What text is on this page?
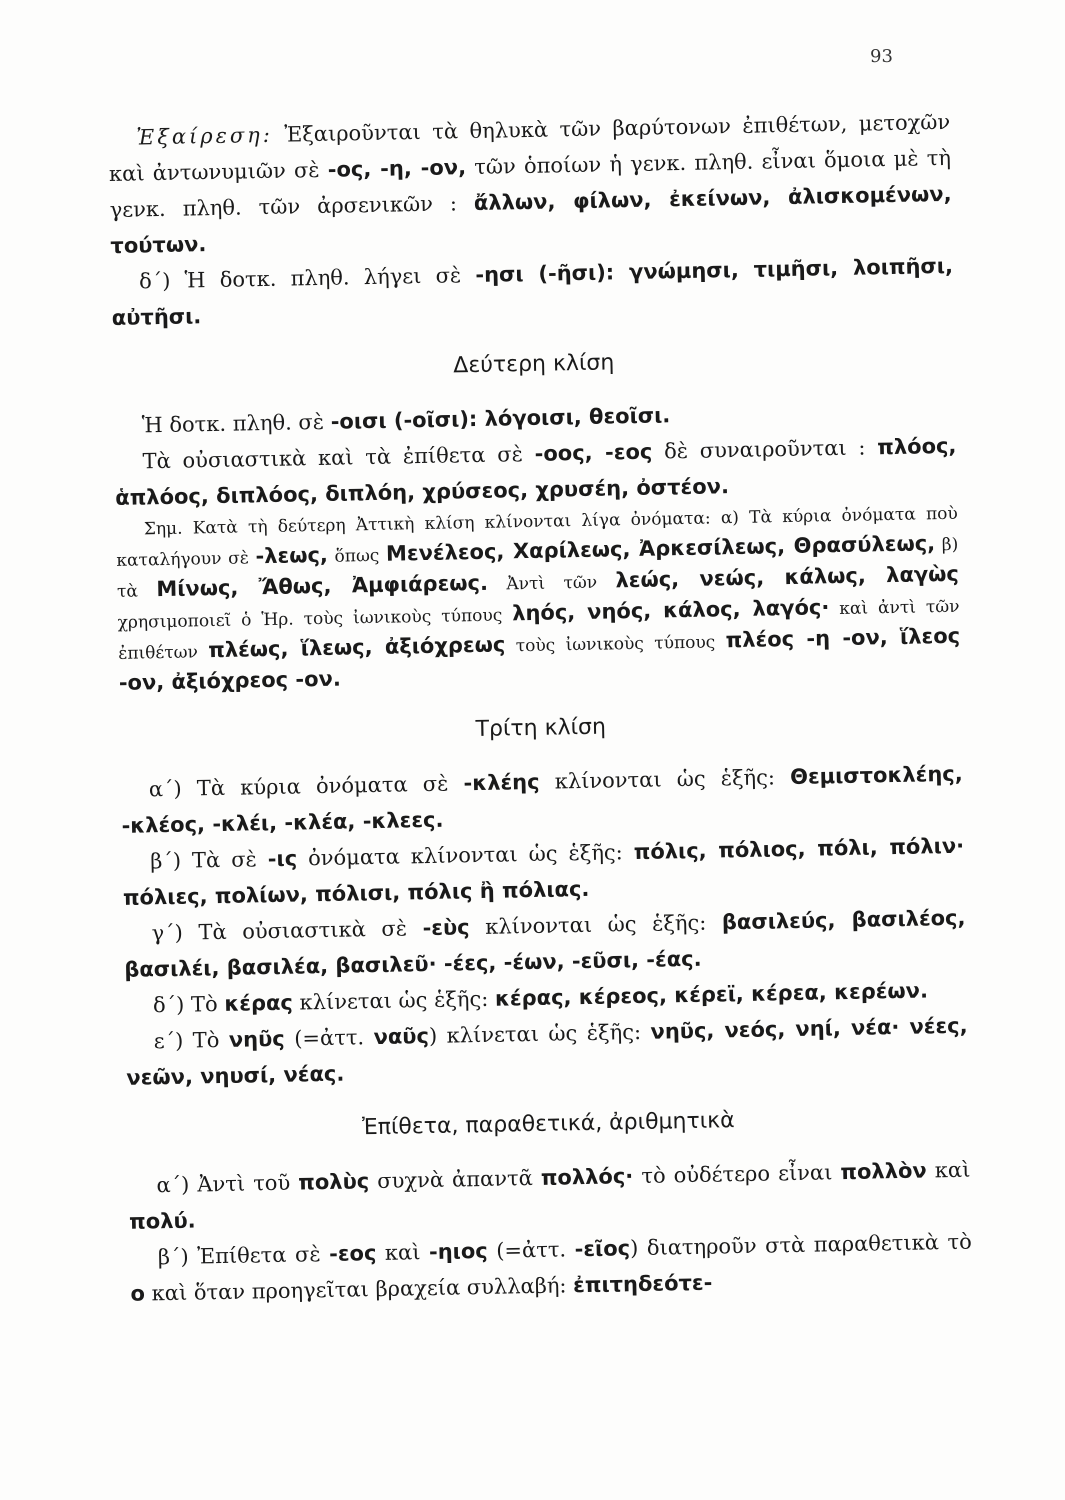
93

Ἐξαίρεση: Ἐξαιροῦνται τὰ θηλυκὰ τῶν βαρύτονων ἐπιθέτων, μετοχῶν καὶ ἀντωνυμιῶν σὲ -ος, -η, -ον, τῶν ὁποίων ἡ γενκ. πληθ. εἶναι ὅμοια μὲ τὴ γενκ. πληθ. τῶν ἀρσενικῶν : ἄλλων, φίλων, ἐκείνων, ἀλισκομένων, τούτων.

δ΄) Ἡ δοτκ. πληθ. λήγει σὲ -ησι (-ῆσι): γνώμησι, τιμῆσι, λοιπῆσι, αὐτῆσι.

Δεύτερη κλίση

Ἡ δοτκ. πληθ. σὲ -οισι (-οῖσι): λόγοισι, θεοῖσι.

Τὰ οὐσιαστικὰ καὶ τὰ ἐπίθετα σὲ -οος, -εος δὲ συναιροῦνται : πλόος, ἁπλόος, διπλόος, διπλόη, χρύσεος, χρυσέη, ὀστέον.

Σημ. Κατὰ τὴ δεύτερη Ἀττικὴ κλίση κλίνονται λίγα ὀνόματα: α) Τὰ κύρια ὀνόματα ποὺ καταλήγουν σὲ -λεως, ὅπως Μενέλεος, Χαρίλεως, Ἀρκεσίλεως, Θρασύλεως, β) τὰ Μίνως, Ἄθως, Ἀμφιάρεως. Ἀντὶ τῶν λεώς, νεώς, κάλως, λαγὼς χρησιμοποιεῖ ὁ Ἡρ. τοὺς ἰωνικοὺς τύπους ληός, νηός, κάλος, λαγός· καὶ ἀντὶ τῶν ἐπιθέτων πλέως, ἵλεως, ἀξιόχρεως τοὺς ἰωνικοὺς τύπους πλέος -η -ον, ἵλεος -ον, ἀξιόχρεος -ον.

Τρίτη κλίση

α΄) Τὰ κύρια ὀνόματα σὲ -κλέης κλίνονται ὡς ἑξῆς: Θεμιστοκλέης, -κλέος, -κλέι, -κλέα, -κλεες.

β΄) Τὰ σὲ -ις ὀνόματα κλίνονται ὡς ἑξῆς: πόλις, πόλιος, πόλι, πόλιν· πόλιες, πολίων, πόλισι, πόλις ἢ πόλιας.

γ΄) Τὰ οὐσιαστικὰ σὲ -εὺς κλίνονται ὡς ἑξῆς: βασιλεύς, βασιλέος, βασιλέι, βασιλέα, βασιλεῦ· -έες, -έων, -εῦσι, -έας.

δ΄) Τὸ κέρας κλίνεται ὡς ἑξῆς: κέρας, κέρεος, κέρεϊ, κέρεα, κερέων.

ε΄) Τὸ νηῦς (=ἀττ. ναῦς) κλίνεται ὡς ἑξῆς: νηῦς, νεός, νηί, νέα· νέες, νεῶν, νηυσί, νέας.

Ἐπίθετα, παραθετικά, ἀριθμητικὰ

α΄) Ἀντὶ τοῦ πολὺς συχνὰ ἀπαντᾶ πολλός· τὸ οὐδέτερο εἶναι πολλὸν καὶ πολύ.

β΄) Ἐπίθετα σὲ -εος καὶ -ηιος (=ἀττ. -εῖος) διατηροῦν στὰ παραθετικὰ τὸ ο καὶ ὅταν προηγεῖται βραχεία συλλαβή: ἐπιτηδεότε-
